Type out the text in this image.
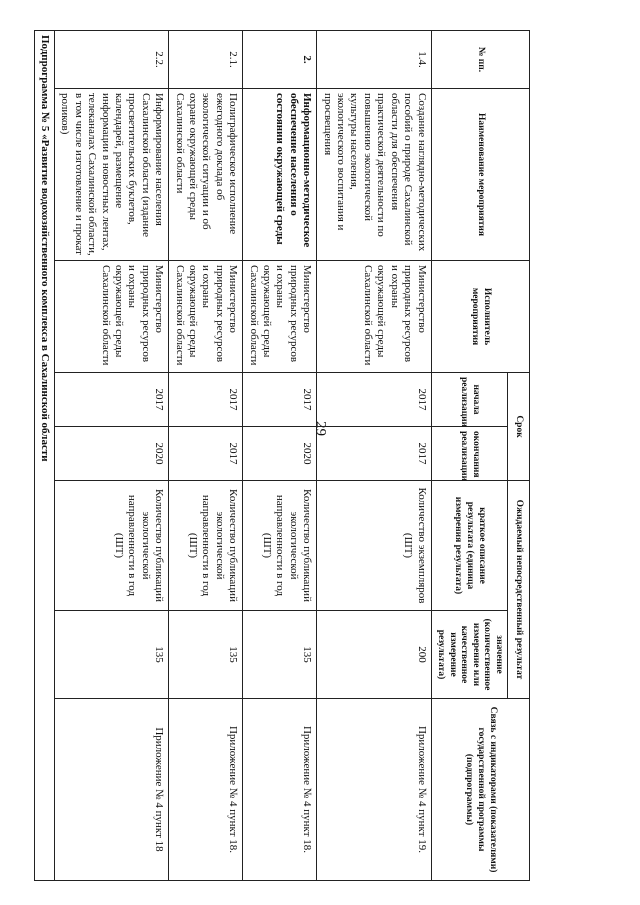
29
№ пп.	Наименование мероприятия	Исполнитель мероприятия	Срок		Ожидаемый непосредственный результат		Связь с индикаторами (показателями) государственной программы (подпрограммы)
			начала реализации	окончания реализации	краткое описание результата (единица измерения результата)	значение (количественное измерение или качественное измерение результата)	
1.4.	Создание наглядно-методических пособий о природе Сахалинской области для обеспечения практической деятельности по повышению экологической культуры населения, экологического воспитания и просвещения	Министерство природных ресурсов и охраны окружающей среды Сахалинской области	2017	2017	Количество экземпляров (ШТ)	200	Приложение № 4 пункт 19.
2.	Информационно-методическое обеспечение населения о состоянии окружающей среды	Министерство природных ресурсов и охраны окружающей среды Сахалинской области	2017	2020	Количество публикаций экологической направленности в год (ШТ)	135	Приложение № 4 пункт 18.
2.1.	Полиграфическое исполнение ежегодного доклада об экологической ситуации и об охране окружающей среды Сахалинской области	Министерство природных ресурсов и охраны окружающей среды Сахалинской области	2017	2017	Количество публикаций экологической направленности в год (ШТ)	135	Приложение № 4 пункт 18.
2.2.	Информирование населения Сахалинской области (издание просветительских буклетов, календарей, размещение информации в новостных лентах, телеканалах Сахалинской области, в том числе изготовление и прокат роликов)	Министерство природных ресурсов и охраны окружающей среды Сахалинской области	2017	2020	Количество публикаций экологической направленности в год (ШТ)	135	Приложение № 4 пункт 18
Подпрограмма № 5 «Развитие водохозяйственного комплекса в Сахалинской области							
